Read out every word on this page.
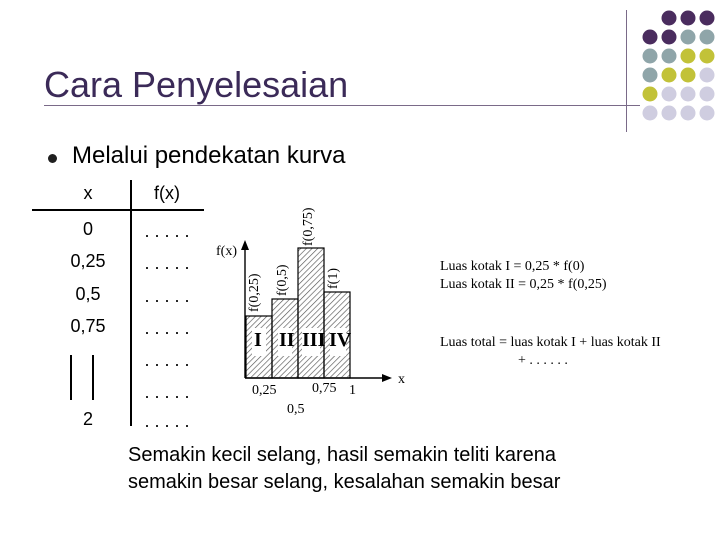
Cara Penyelesaian
Melalui pendekatan kurva
x	f(x)
0
0,25
0,5
0,75
2
. . . . .
. . . . .
. . . . .
. . . . .
. . . . .
. . . . .
. . . . .
f(0,25) f(0,5)
f(0,75)
f(1)
I II III IV
f(x)
x
0,25
0,5
0,75 1
Luas kotak I = 0,25 * f(0)
Luas kotak II = 0,25 * f(0,25)
Luas total = luas kotak I + luas kotak II
+ . . . . . .
Semakin kecil selang, hasil semakin teliti karena
semakin besar selang, kesalahan semakin besar
